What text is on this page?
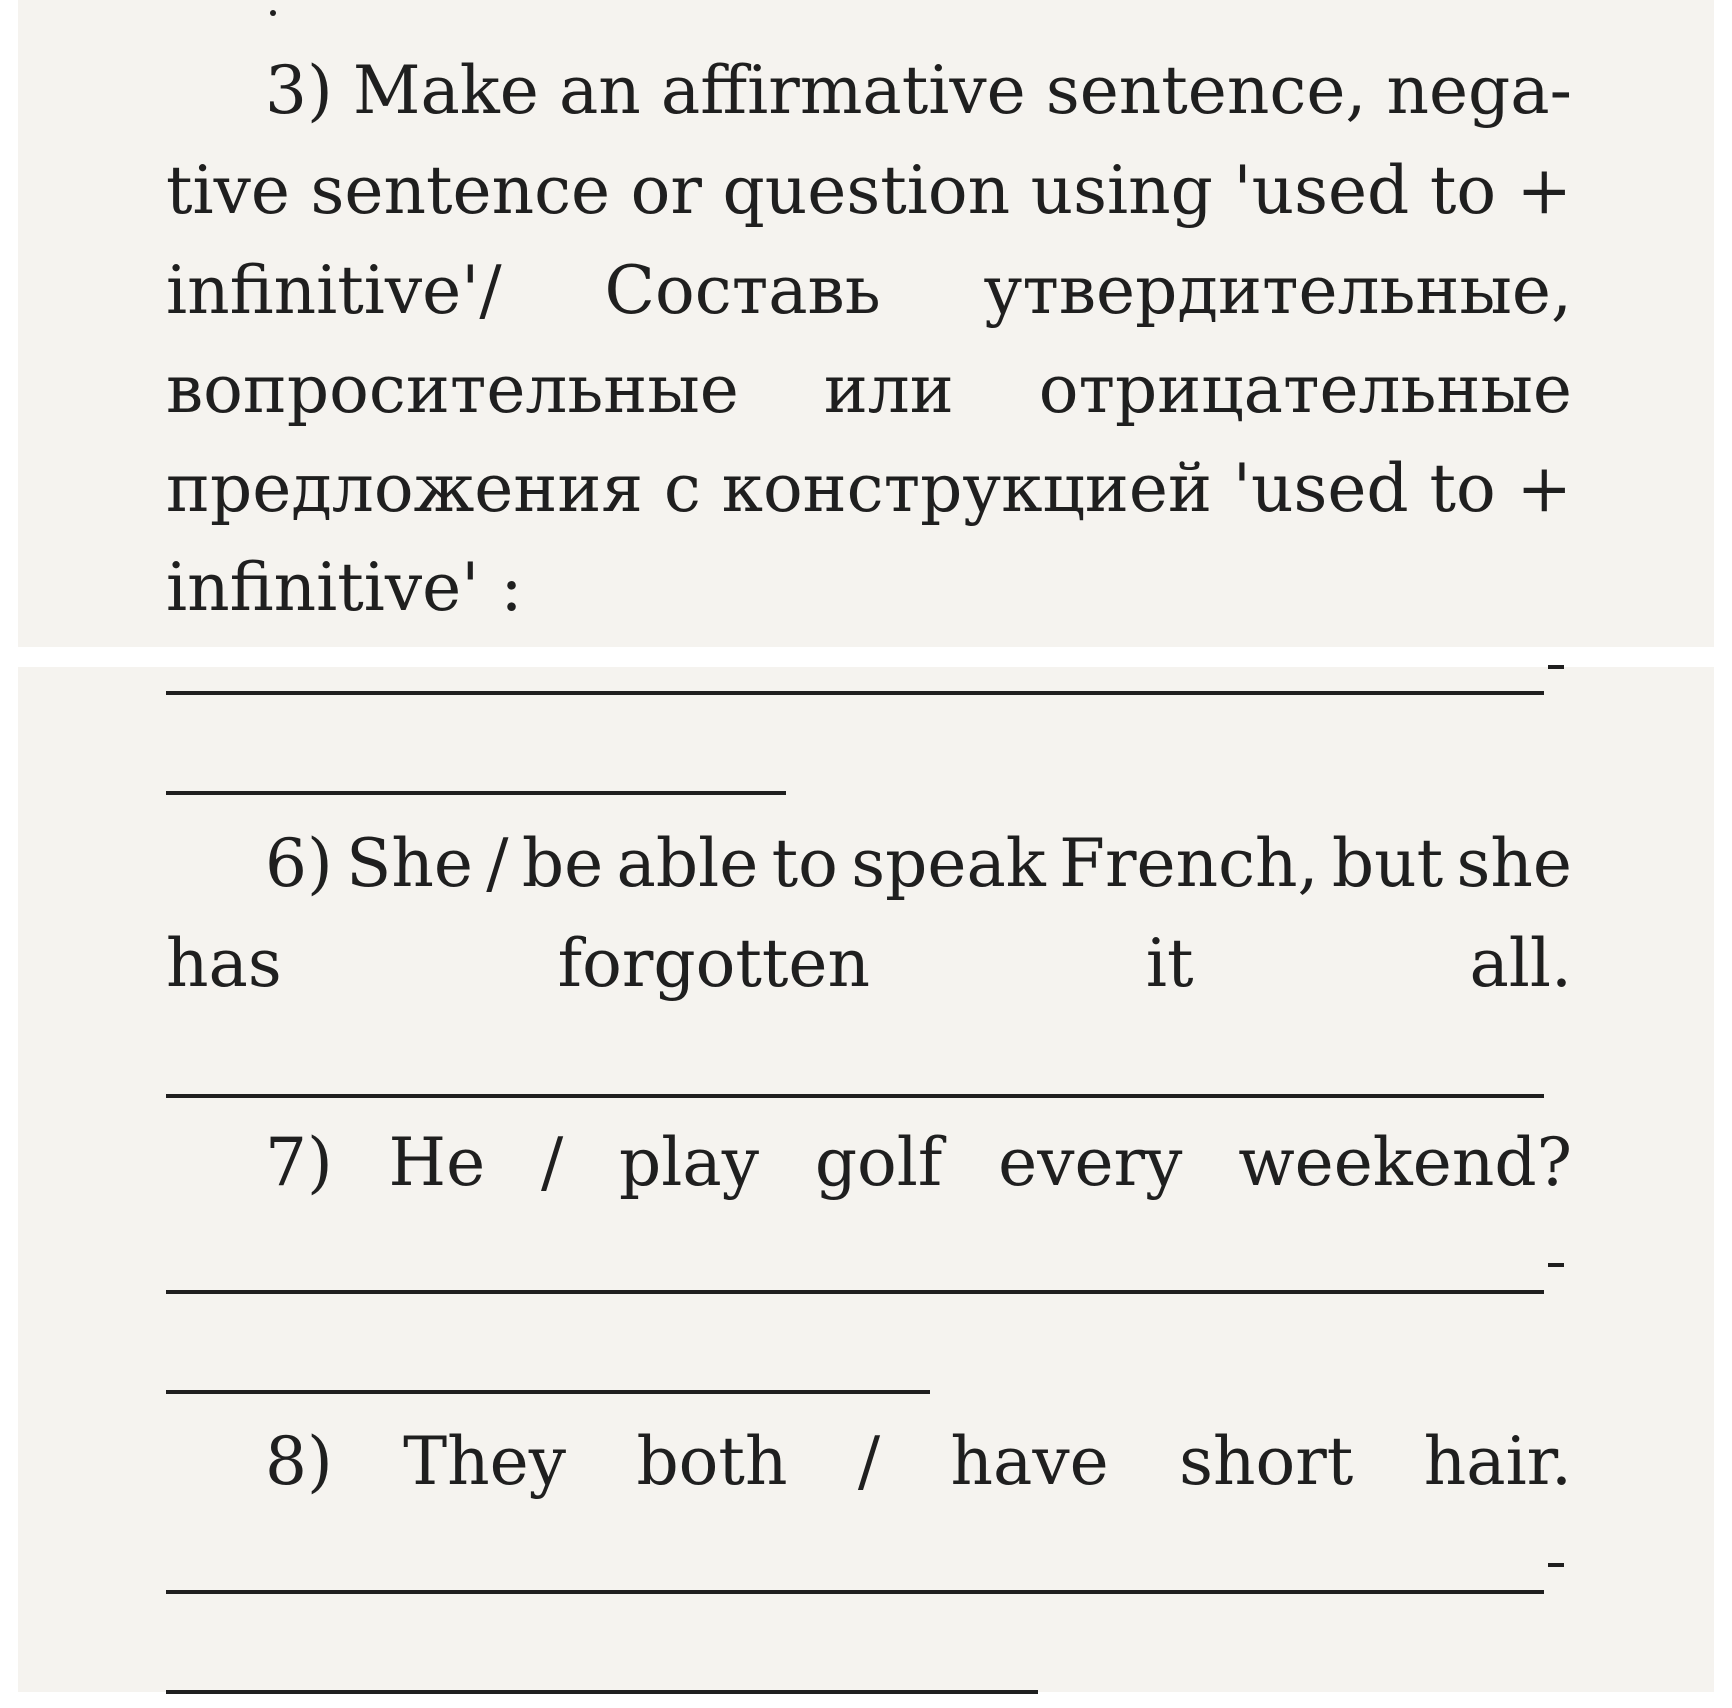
3) Make an affirmative sentence, nega-
tive sentence or question using 'used to +
infinitive'/ Составь утвердительные,
вопросительные или отрицательные
предложения с конструкцией 'used to +
infinitive' :
6) She / be able to speak French, but she
has	forgotten	it	all.
7) He / play golf every weekend?
8) They both / have short hair.
